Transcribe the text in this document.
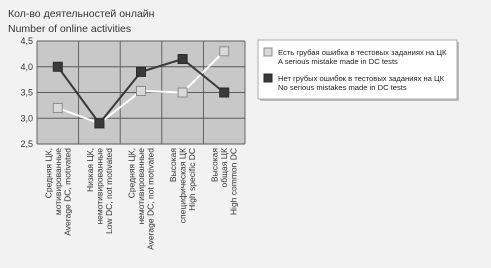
Кол-во деятельностей онлайн
Number of online activities
2,5
3,0
3,5
4,0
4,5
Средняя ЦК, мотивированные Average DC, motivated Низкая ЦК, немотивированные Low DC, not motivated Средняя ЦК, немотивированные Average DC, not motivated Высокая специфическая ЦК High specific DC Высокая общая ЦК High common DC
Есть грубая ошибка в тестовых заданиях на ЦК
A serious mistake made in DC tests
Нет грубых ошибок в тестовых заданиях на ЦК
No serious mistakes made in DC tests
